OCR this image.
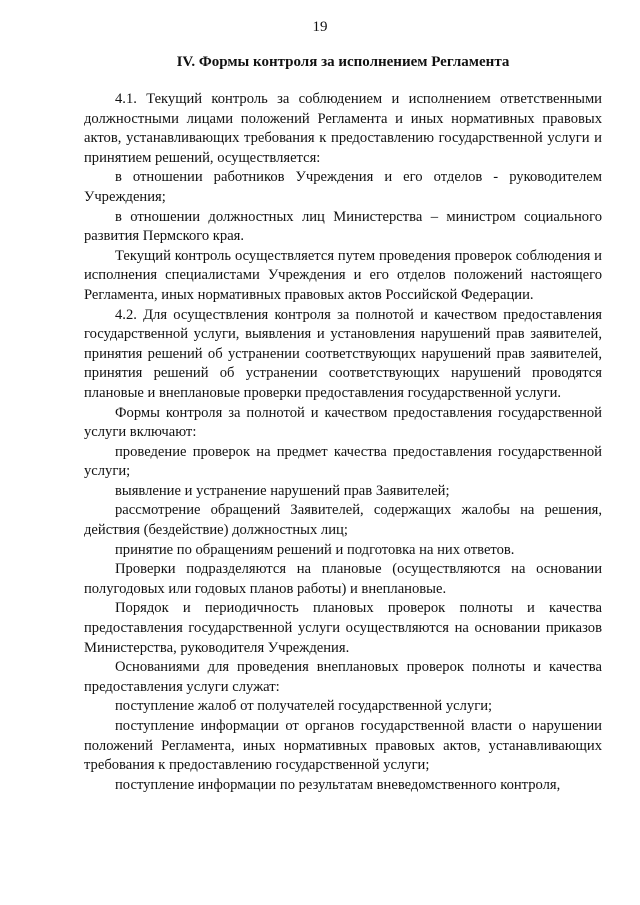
19
IV. Формы контроля за исполнением Регламента

4.1. Текущий контроль за соблюдением и исполнением ответственными должностными лицами положений Регламента и иных нормативных правовых актов, устанавливающих требования к предоставлению государственной услуги и принятием решений, осуществляется:

в отношении работников Учреждения и его отделов - руководителем Учреждения;

в отношении должностных лиц Министерства – министром социального развития Пермского края.

Текущий контроль осуществляется путем проведения проверок соблюдения и исполнения специалистами Учреждения и его отделов положений настоящего Регламента, иных нормативных правовых актов Российской Федерации.

4.2. Для осуществления контроля за полнотой и качеством предоставления государственной услуги, выявления и установления нарушений прав заявителей, принятия решений об устранении соответствующих нарушений прав заявителей, принятия решений об устранении соответствующих нарушений проводятся плановые и внеплановые проверки предоставления государственной услуги.

Формы контроля за полнотой и качеством предоставления государственной услуги включают:

проведение проверок на предмет качества предоставления государственной услуги;

выявление и устранение нарушений прав Заявителей;

рассмотрение обращений Заявителей, содержащих жалобы на решения, действия (бездействие) должностных лиц;

принятие по обращениям решений и подготовка на них ответов.

Проверки подразделяются на плановые (осуществляются на основании полугодовых или годовых планов работы) и внеплановые.

Порядок и периодичность плановых проверок полноты и качества предоставления государственной услуги осуществляются на основании приказов Министерства, руководителя Учреждения.

Основаниями для проведения внеплановых проверок полноты и качества предоставления услуги служат:

поступление жалоб от получателей государственной услуги;

поступление информации от органов государственной власти о нарушении положений Регламента, иных нормативных правовых актов, устанавливающих требования к предоставлению государственной услуги;

поступление информации по результатам вневедомственного контроля,
